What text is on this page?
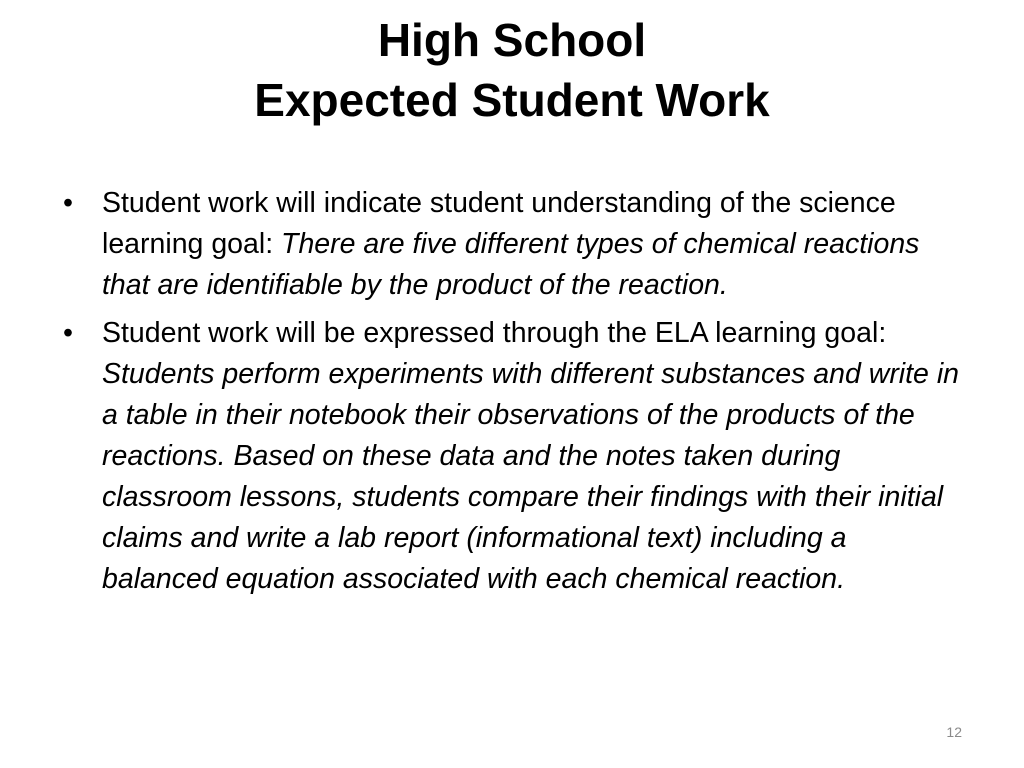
High School
Expected Student Work
• Student work will indicate student understanding of the science learning goal: There are five different types of chemical reactions that are identifiable by the product of the reaction.
• Student work will be expressed through the ELA learning goal: Students perform experiments with different substances and write in a table in their notebook their observations of the products of the reactions. Based on these data and the notes taken during classroom lessons, students compare their findings with their initial claims and write a lab report (informational text) including a balanced equation associated with each chemical reaction.
12
